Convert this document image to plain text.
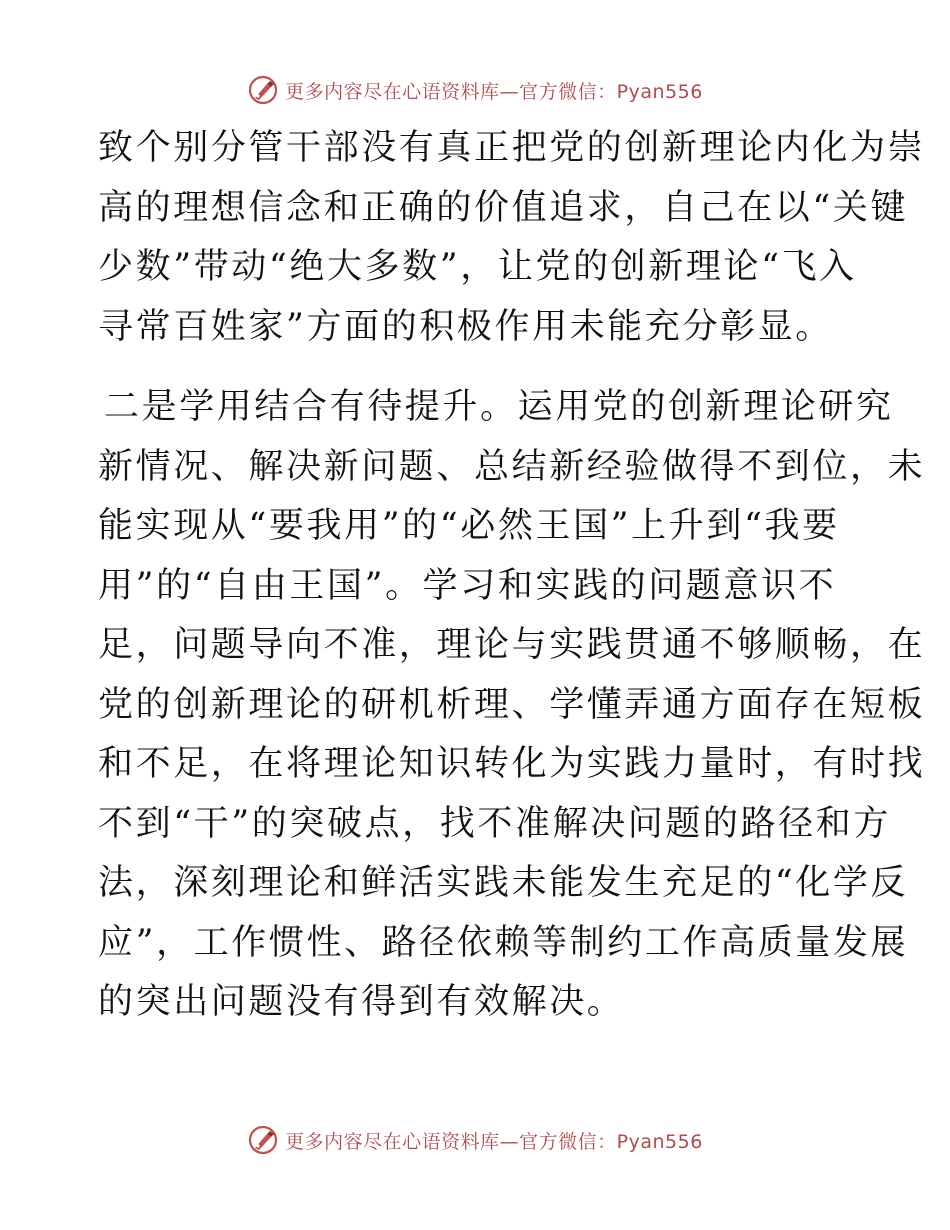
更多内容尽在心语资料库—官方微信：Pyan556
致个别分管干部没有真正把党的创新理论内化为崇
高的理想信念和正确的价值追求，自己在以“关键
少数”带动“绝大多数”，让党的创新理论“飞入
寻常百姓家”方面的积极作用未能充分彰显。
二是学用结合有待提升。运用党的创新理论研究
新情况、解决新问题、总结新经验做得不到位，未
能实现从“要我用”的“必然王国”上升到“我要
用”的“自由王国”。学习和实践的问题意识不
足，问题导向不准，理论与实践贯通不够顺畅，在
党的创新理论的研机析理、学懂弄通方面存在短板
和不足，在将理论知识转化为实践力量时，有时找
不到“干”的突破点，找不准解决问题的路径和方
法，深刻理论和鲜活实践未能发生充足的“化学反
应”，工作惯性、路径依赖等制约工作高质量发展
的突出问题没有得到有效解决。
更多内容尽在心语资料库—官方微信：Pyan556
